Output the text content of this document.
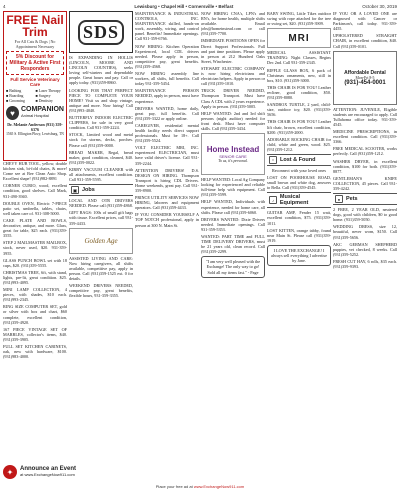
4	Lewisburg • Chapel Hill • Cornersville • Belfast	October 30, 2019
FREE Nail Trim
For All Cats & Dogs | No Appointment Necessary
5% Discount for Military & Active First Responders
Full Service Veterinary Care
■ Bathing	■ Laser Therapy
■ Boarding	■ Surgery
■ Grooming	■ Dentistry
♥ COMPANION
Animal Hospital
Dr. Melanie Anderson (931) 359-6376
1565 S. Ellington Pkwy, Lewisburg, TN

CHEVY HUB TOOL, yellow, double kitchen sink, bi-fold chairs, & more! Come see at Bee Clean Auto Shop. Excellent shape! (931)982-8891

CORNER CURIO, wood, excellent condition, good shelves. Call Mark, 931-490-3940.

DOUBLE OVEN, Electric 7-PIECE patio set, umbrella, tables, chairs, well taken care of. 931-308-5000.

CAKE PLATE AND BOWLS, decorative, antique, and more. Glass, great for table, $25 each. (931)359-3555.

STEP 2 MAILMASTER MAILBOX, stock, never used, $20. 931-359-3955.

GLASS PUNCH BOWL set with 18 cups, $20. (931)359-5555.

CHRISTMAS TREE, 6ft, with stand, lights, pre-lit, great condition. $25. (931)993-4095.

MINI LAMP COLLECTION, 4 pieces, with shades, $10 each. (931)993-2345.

RING SIZE COMPUTER SET, gold or silver with box and chart, $60 complete, excellent condition, (931)359-4920.

167 PIECE VINTAGE SET OF MARBLES, collector's items, $40. (931)359-3905.

FULL SET KITCHEN CABINETS, oak, new with hardware, $100. (931)983-4000.

SDS

IS EXPANDING IN HOLLIS (LINCOLN, MOORE AND LINCOLN COUNTIES), seeks loving self-starters and dependable people. Great hours and pay. Call or apply today. (931)359-8860.

LOOKING FOR THAT PERFECT PIECE TO COMPLETE YOUR HOME? Visit us and shop vintage, antique and more. Now hiring! Call (931)993-4040.

BUTTERFLY INDOOR ELECTRIC CLIPPERS, for sale in very good condition. Call 931-359-2224.

STOCK, Limited wood and metal stock for storms, decks, porches. Please call (931)359-0000.

BREAD MAKER, Regal, bread maker, good condition, cleaned, $40. (931)359-0022.

KIRBY VACUUM CLEANER with all attachments, excellent condition. Call 931-359-5595.

▣ Jobs

LOCAL AND OTR DRIVERS NEEDED. Please call (931)359-4868.

GIFT BAGS: 100s of small gift bags with tissue. Excellent prices, call 931-359-4433.

Golden Age

ASSISTED LIVING AND CARE: Now hiring caregivers, all shifts available, competitive pay, apply in person. Call (931)359-1525 ext. 0 for details.

WEEKEND DRIVERS NEEDED, competitive pay, great benefits, flexible hours, 931-359-3355.

MAINTENANCE & INDUSTRIAL CONTROLS, INC. MAINTENANCE skilled, hands-on work, assembly, wiring, and control panel. Benefits! Immediate openings. Call 931-359-6766.

NOW HIRING: Kitchen Operation Experienced, local CDL drivers needed. Please apply in person, competitive pay, great benefits. (931)359-4568.

NOW HIRING assembly line workers, all shifts, full benefits. Call today 931-359-5454.

MAINTENANCE PERSON NEEDED, apply in person, must have experience.

DRIVERS WANTED, home daily, great pay, full benefits. Call (931)359-3322 or apply online.

CAREGIVER, residential mental health facility needs direct support professionals. Must be 18+. Call (931)359-5524.

VOLT ELECTRIC MRI, INC. experienced ELECTRICIAN, must have valid driver's license. Call 931-359-2244.

ATTENTION DRIVERS! D.S. DESIGN ON HIRING. Thompson Transport is hiring CDL Drivers. Home weekends, great pay. Call 931-359-8900.

PRINCE UTILITY SERVICES NOW HIRING, laborers and equipment operators. Call (931)359-4433.

IF YOU CONSIDER YOURSELF A TOP NOTCH professional, apply in person at 300 N. Main St.

NOW HIRING CNA's, LPN's and RN's, for home health, multiple shifts available. Email jobs@homeinstead.com or call (931)359-7700.

IMMEDIATE POSITIONS OPEN for Direct Support Professionals. Full and part time positions. Please apply in person at 212 Hundred Oaks Street, Winchester.

STEWART ELECTRIC COMPANY is now hiring electricians and electrician helpers. Apply in person or call (931)359-1010.

TRUCK DRIVER NEEDED, Thompson Transport. Must have Class A CDL with 2 years experience. Apply in person. (931)359-5005.

HELP WANTED: 2nd and 3rd shift persons (night auditor) needed for front desk. Must have computer skills. Call (931)359-3434.

Home Instead
SENIOR CARE
To us, it's personal.

HELP WANTED: Local Ag Company looking for experienced and reliable full-time help with equipment. Call (931)359-5599.

HELP WANTED, Individuals with experience, needed for home care, all shifts. Please call (931)359-6060.

DRIVERS WANTED: Dixie Drivers needed. Immediate openings. Call 931-359-5353.

WANTED: PART TIME and FULL TIME DELIVERY DRIVERS, must be 21 years old, clean record. Call (931)359-2299.

"I am very well pleased with the Exchange! The only way to go! Sold all my items fast." - Page

BABY SWING, Little Tikes outdoor swing with rope attached for the tree or swing set, $20. (931)359-3909.

MRI

MEDICAL ASSISTANT TRAINING: Night Classes, Begins Dec 2nd. Call 931-359-2345.

RIFFLE GLASS BOX, 6 pack of Christmas ornaments, new, still in box, $10. (931)359-3000.

THIS CHAIR IS FOR YOU! Leather recliner, good condition, $50. (931)359-8080.

SANDBOX TURTLE, 2 yard, child-size, outdoor toy, $20. (931)359-5656.

THIS CHAIR IS FOR YOU! Leather lift chair, brown, excellent condition, $200. (931)359-2000.

ADORABLE ROCKING CHAIR for child, white and green, wood. $25. (931)359-1212.

○	Lost & Found

Reconnect with your loved ones

LOST ON POORHOUSE ROAD, small brown and white dog, answers to Bella. Call (931)359-4545.

♪	Musical Equipment

GUITAR AMP, Fender 15 watt, excellent condition, $75. (931)359-1011.

LOST KITTEN, orange tabby, found near Main St. Please call (931)359-1919.

I LOVE THE EXCHANGE! I always sell everything I advertise by Jane.

IF YOU OR A LOVED ONE are diagnosed with Cancer or Parkinson's, call today. 931-359-4455.

UPHOLSTERED STRAIGHT CHAIR, in excellent condition, $40. Call (931)359-0101.

Affordable Dental
Mon-Fri 8-5
(931)-454-0001

ATTENTION: JUVENILE, Eligible students are encouraged to apply. Call Tullahoma office today. 931-359-4545.

MEDICINE PRESCRIPTIONS, in excellent condition. Call (931)359-3366.

FREE MEDICAL SCOOTER, works perfectly. Call (931)359-1212.

WASHER DRYER, in excellent condition, $100 for both. (931)359-8877.

GENTLEMAN'S KNIFE COLLECTION, 45 pieces. Call 931-359-4242.

●	Pets

2 FREE, 2 YEAR OLD, neutered dogs, good with children, $0 to good home. (931)359-5050.

WEDDING DRESS, size 12, beautiful, never worn, $150. Call (931)359-5656.

AKC GERMAN SHEPHERD puppies, vet checked, 8 weeks. Call (931)359-5252.

FRESH CUT HAY, 6 rolls, $35 each. (931)359-9393.

✦	Announce an Event
at www.ExchangeNow911.com
Place your free ad at www.ExchangeNow911.com
